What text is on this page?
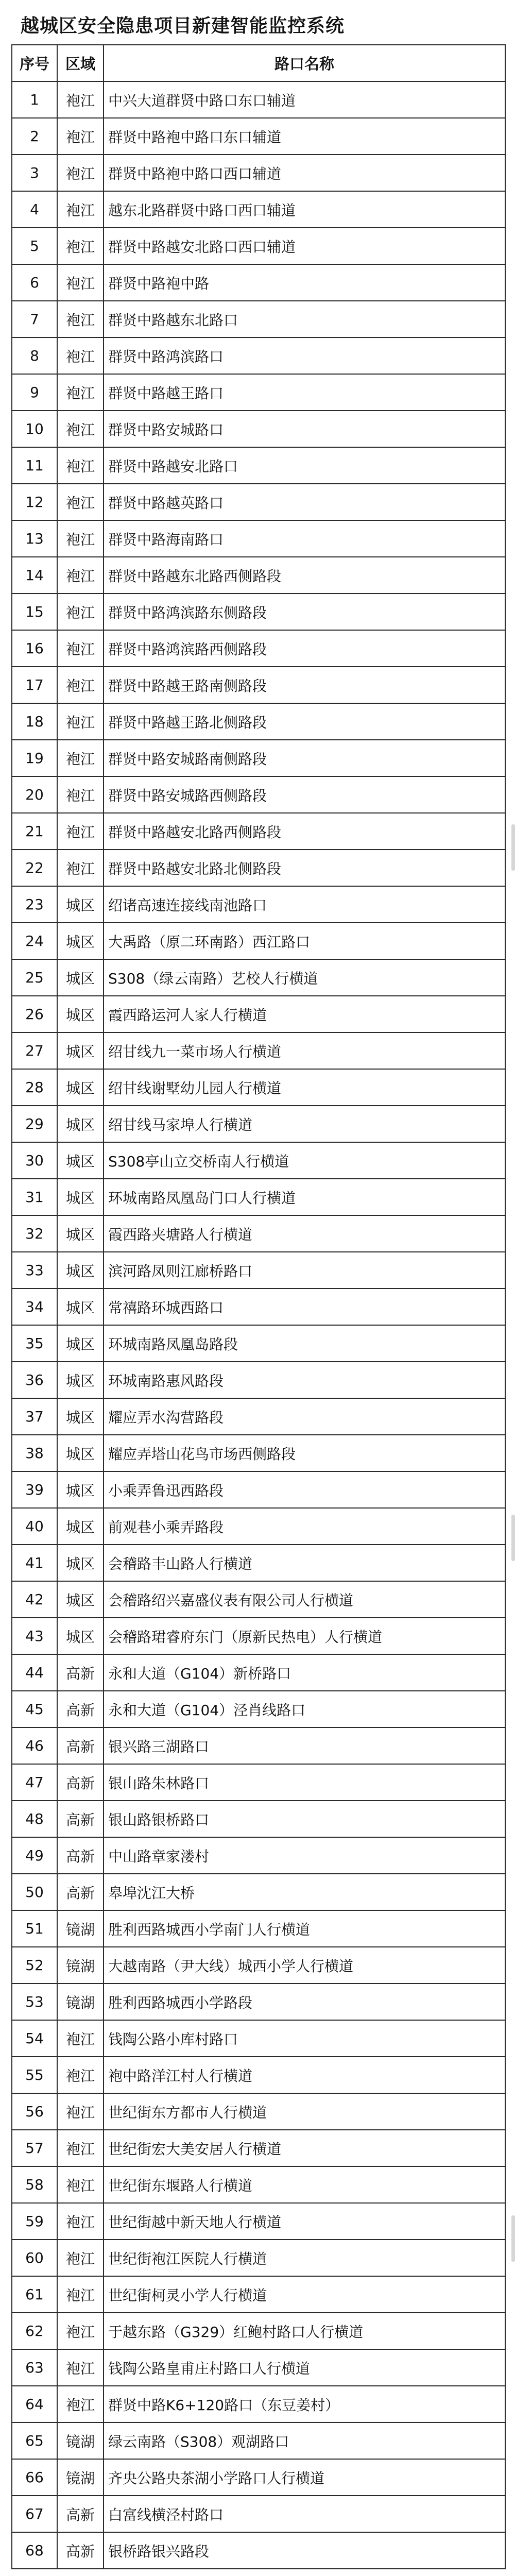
越城区安全隐患项目新建智能监控系统
序号	区域	路口名称
1	袍江	中兴大道群贤中路口东口辅道
2	袍江	群贤中路袍中路口东口辅道
3	袍江	群贤中路袍中路口西口辅道
4	袍江	越东北路群贤中路口西口辅道
5	袍江	群贤中路越安北路口西口辅道
6	袍江	群贤中路袍中路
7	袍江	群贤中路越东北路口
8	袍江	群贤中路鸿滨路口
9	袍江	群贤中路越王路口
10	袍江	群贤中路安城路口
11	袍江	群贤中路越安北路口
12	袍江	群贤中路越英路口
13	袍江	群贤中路海南路口
14	袍江	群贤中路越东北路西侧路段
15	袍江	群贤中路鸿滨路东侧路段
16	袍江	群贤中路鸿滨路西侧路段
17	袍江	群贤中路越王路南侧路段
18	袍江	群贤中路越王路北侧路段
19	袍江	群贤中路安城路南侧路段
20	袍江	群贤中路安城路西侧路段
21	袍江	群贤中路越安北路西侧路段
22	袍江	群贤中路越安北路北侧路段
23	城区	绍诸高速连接线南池路口
24	城区	大禹路（原二环南路）西江路口
25	城区	S308（绿云南路）艺校人行横道
26	城区	霞西路运河人家人行横道
27	城区	绍甘线九一菜市场人行横道
28	城区	绍甘线谢墅幼儿园人行横道
29	城区	绍甘线马家埠人行横道
30	城区	S308亭山立交桥南人行横道
31	城区	环城南路凤凰岛门口人行横道
32	城区	霞西路夹塘路人行横道
33	城区	滨河路凤则江廊桥路口
34	城区	常禧路环城西路口
35	城区	环城南路凤凰岛路段
36	城区	环城南路惠风路段
37	城区	耀应弄水沟营路段
38	城区	耀应弄塔山花鸟市场西侧路段
39	城区	小乘弄鲁迅西路段
40	城区	前观巷小乘弄路段
41	城区	会稽路丰山路人行横道
42	城区	会稽路绍兴嘉盛仪表有限公司人行横道
43	城区	会稽路珺睿府东门（原新民热电）人行横道
44	高新	永和大道（G104）新桥路口
45	高新	永和大道（G104）泾肖线路口
46	高新	银兴路三湖路口
47	高新	银山路朱林路口
48	高新	银山路银桥路口
49	高新	中山路章家溇村
50	高新	皋埠沈江大桥
51	镜湖	胜利西路城西小学南门人行横道
52	镜湖	大越南路（尹大线）城西小学人行横道
53	镜湖	胜利西路城西小学路段
54	袍江	钱陶公路小库村路口
55	袍江	袍中路洋江村人行横道
56	袍江	世纪街东方都市人行横道
57	袍江	世纪街宏大美安居人行横道
58	袍江	世纪街东堰路人行横道
59	袍江	世纪街越中新天地人行横道
60	袍江	世纪街袍江医院人行横道
61	袍江	世纪街柯灵小学人行横道
62	袍江	于越东路（G329）红鲍村路口人行横道
63	袍江	钱陶公路皇甫庄村路口人行横道
64	袍江	群贤中路K6+120路口（东豆姜村）
65	镜湖	绿云南路（S308）观湖路口
66	镜湖	齐央公路央茶湖小学路口人行横道
67	高新	白富线横泾村路口
68	高新	银桥路银兴路段
